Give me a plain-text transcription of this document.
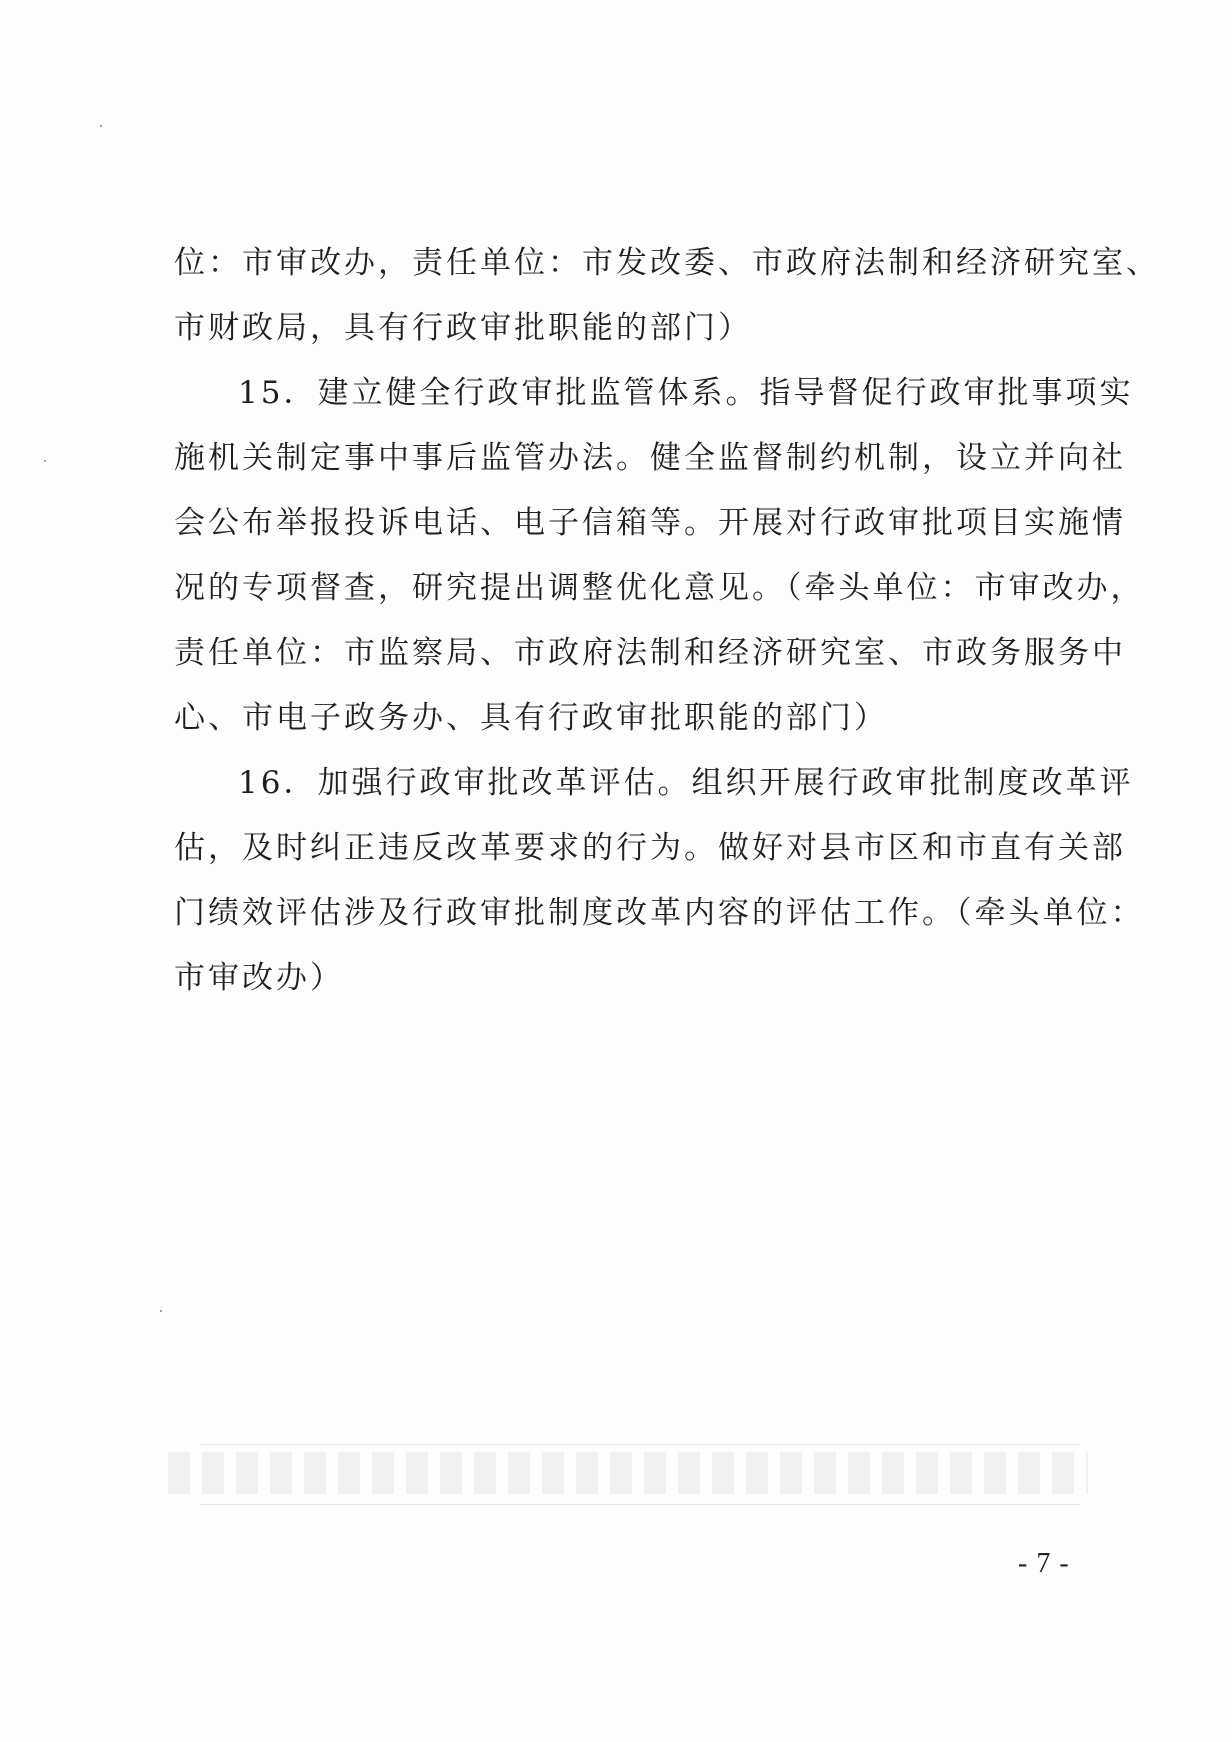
位：市审改办，责任单位：市发改委、市政府法制和经济研究室、
市财政局，具有行政审批职能的部门）
15．建立健全行政审批监管体系。指导督促行政审批事项实
施机关制定事中事后监管办法。健全监督制约机制，设立并向社
会公布举报投诉电话、电子信箱等。开展对行政审批项目实施情
况的专项督查，研究提出调整优化意见。（牵头单位：市审改办，
责任单位：市监察局、市政府法制和经济研究室、市政务服务中
心、市电子政务办、具有行政审批职能的部门）
16．加强行政审批改革评估。组织开展行政审批制度改革评
估，及时纠正违反改革要求的行为。做好对县市区和市直有关部
门绩效评估涉及行政审批制度改革内容的评估工作。（牵头单位：
市审改办）
- 7 -
